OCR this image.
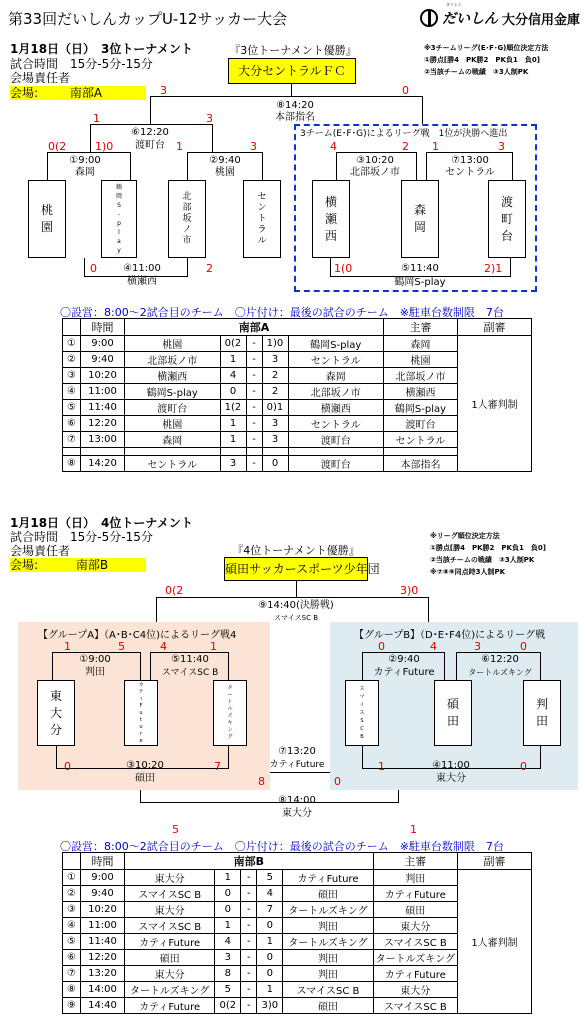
第33回だいしんカップU-12サッカー大会
ダイシン
だいしん 大分信用金庫
1月18日（日）　3位トーナメント
試合時間　15分-5分-15分
会場責任者
会場:	南部A
※3チームリーグ(E･F･G)順位決定方法
①勝点[勝4　PK勝2　PK負1　負0]
②当該チームの戦績　③3人制PK
『3位トーナメント優勝』
大分セントラルＦＣ
3	0
⑧14:20
本部指名
1	3
⑥12:20
渡町台
0(2	1)0
①9:00
森岡
1	3
②9:40
桃園
桃
園
鶴
岡
S
-
p
l
a
y
北
部
坂
ノ
市
セ
ン
ト
ラ
ル
0	2
④11:00
横瀬西
3チーム(E･F･G)によるリーグ戦　1位が決勝へ進出
4	2
③10:20
北部坂ノ市
1	3
⑦13:00
セントラル
横
瀬
西
森
岡
渡
町
台
1(0	2)1
⑤11:40
鶴岡S-play
〇設営：8:00～2試合目のチーム　〇片付け：最後の試合のチーム　※駐車台数制限　7台
	時間	南部A					主審	副審
①	9:00	桃園	0(2	-	1)0	鶴岡S-play	森岡	1人審判制
②	9:40	北部坂ノ市	1	-	3	セントラル	桃園	
③	10:20	横瀬西	4	-	2	森岡	北部坂ノ市	
④	11:00	鶴岡S-play	0	-	2	北部坂ノ市	横瀬西	
⑤	11:40	渡町台	1(2	-	0)1	横瀬西	鶴岡S-play	
⑥	12:20	桃園	1	-	3	セントラル	渡町台	
⑦	13:00	森岡	1	-	3	渡町台	セントラル	

⑧	14:20	セントラル	3	-	0	渡町台	本部指名	
1月18日（日）　4位トーナメント
試合時間　15分-5分-15分
会場責任者
会場:	南部B
※リーグ順位決定方法
①勝点[勝4　PK勝2　PK負1　負0]
②当該チームの戦績　③3人制PK
※⑦⑧⑨同点時3人制PK
『4位トーナメント優勝』
碩田サッカースポーツ少年団
0(2	3)0
⑨14:40(決勝戦)
スマイスSC B
【グループA】（A･B･C4位)によるリーグ戦4
1	5
①9:00
判田
4	1
⑤11:40
スマイスSC B
東
大
分
カ
テ
ィ
F
u
t
u
r
e
タ
ー
ト
ル
ズ
キ
ン
グ
0	7
③10:20
碩田
【グループB】（D･E･F4位)によるリーグ戦
0	4
②9:40
カティFuture
3	0
⑥12:20
タートルズキング
ス
マ
イ
ス
S
C
B
碩
田
判
田
1	0
④11:00
東大分
⑦13:20
カティFuture
8	0
⑧14:00
東大分
5	1
〇設営：8:00～2試合目のチーム　〇片付け：最後の試合のチーム　※駐車台数制限　7台
	時間	南部B					主審	副審
①	9:00	東大分	1	-	5	カティFuture	判田	1人審判制
②	9:40	スマイスSC B	0	-	4	碩田	カティFuture	
③	10:20	東大分	0	-	7	タートルズキング	碩田	
④	11:00	スマイスSC B	1	-	0	判田	東大分	
⑤	11:40	カティFuture	4	-	1	タートルズキング	スマイスSC B	
⑥	12:20	碩田	3	-	0	判田	タートルズキング	
⑦	13:20	東大分	8	-	0	判田	カティFuture	
⑧	14:00	タートルズキング	5	-	1	スマイスSC B	東大分	
⑨	14:40	カティFuture	0(2	-	3)0	碩田	スマイスSC B	
